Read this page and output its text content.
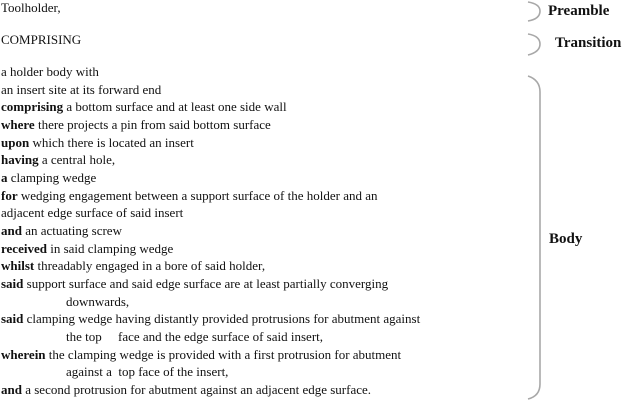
Toolholder,
COMPRISING
a holder body with
an insert site at its forward end
comprising a bottom surface and at least one side wall
where there projects a pin from said bottom surface
upon which there is located an insert
having a central hole,
a clamping wedge
for wedging engagement between a support surface of the holder and an
adjacent edge surface of said insert
and an actuating screw
received in said clamping wedge
whilst threadably engaged in a bore of said holder,
said support surface and said edge surface are at least partially converging
downwards,
said clamping wedge having distantly provided protrusions for abutment against
the top     face and the edge surface of said insert,
wherein the clamping wedge is provided with a first protrusion for abutment
against a  top face of the insert,
and a second protrusion for abutment against an adjacent edge surface.
Preamble
Transition
Body
